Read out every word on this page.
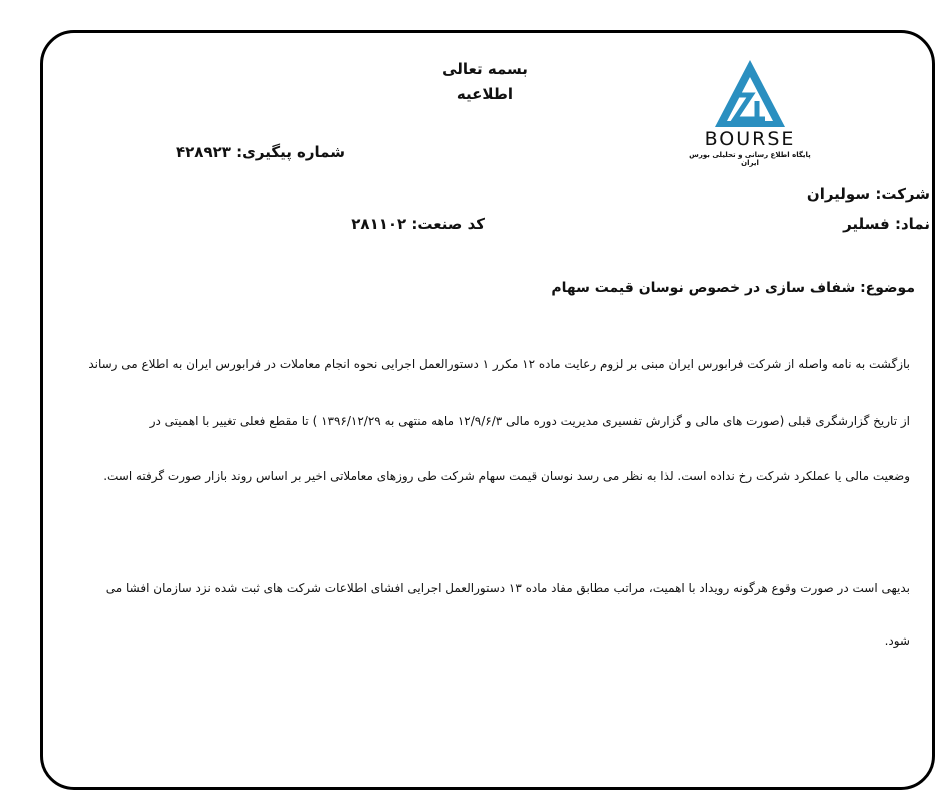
بسمه تعالی
اطلاعیه
شماره پیگیری: ۴۲۸۹۲۳
BOURSE
پایگاه اطلاع رسانی و تحلیلی بورس ایران
شرکت: سولیران
نماد: فسلیر
کد صنعت: ۲۸۱۱۰۲
موضوع: شفاف سازی در خصوص نوسان قیمت سهام
بازگشت به نامه واصله از شرکت فرابورس ایران مبنی بر لزوم رعایت ماده ۱۲ مکرر ۱ دستورالعمل اجرایی نحوه انجام معاملات در فرابورس ایران به اطلاع می رساند
از تاریخ گزارشگری قبلی (صورت های مالی و گزارش تفسیری مدیریت دوره مالی ۱۲/۹/۶/۳ ماهه منتهی به ۱۳۹۶/۱۲/۲۹ ) تا مقطع فعلی تغییر با اهمیتی در
وضعیت مالی یا عملکرد شرکت رخ نداده است. لذا به نظر می رسد نوسان قیمت سهام شرکت طی روزهای معاملاتی اخیر بر اساس روند بازار صورت گرفته است.
بدیهی است در صورت وقوع هرگونه رویداد با اهمیت، مراتب مطابق مفاد ماده ۱۳ دستورالعمل اجرایی افشای اطلاعات شرکت های ثبت شده نزد سازمان افشا می
شود.
